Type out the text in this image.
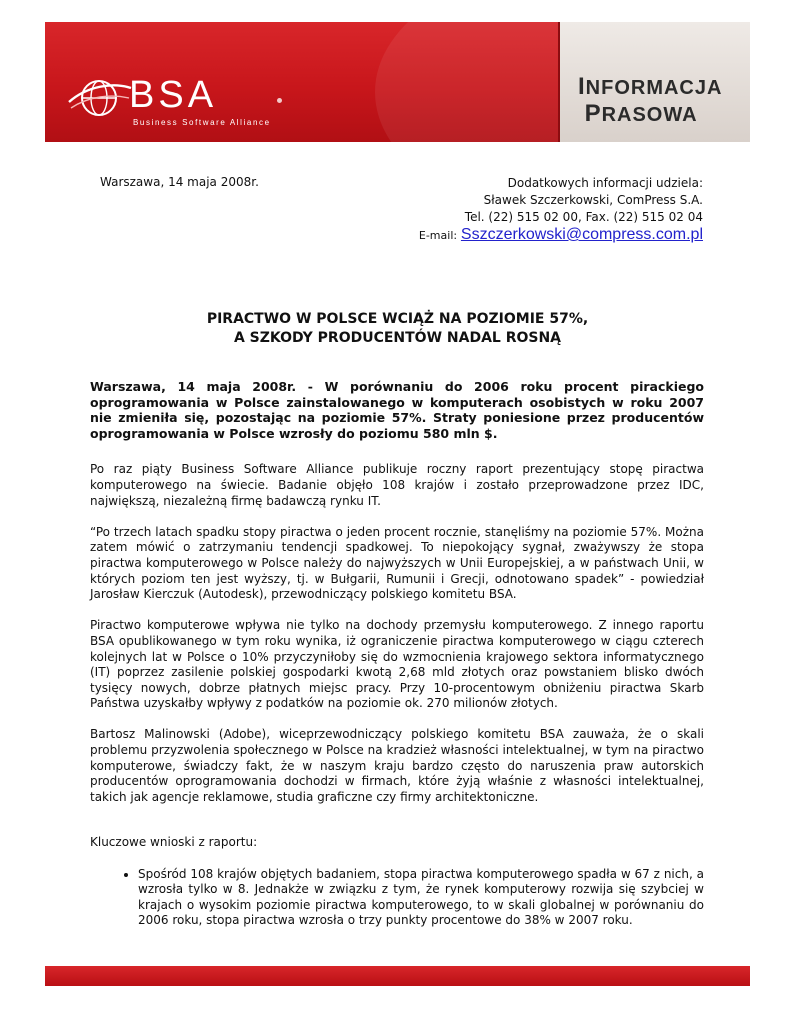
BSA
Business Software Alliance
INFORMACJA
PRASOWA
Warszawa, 14 maja 2008r.	Dodatkowych informacji udziela:
Sławek Szczerkowski, ComPress S.A.
Tel. (22) 515 02 00, Fax. (22) 515 02 04
E-mail: Sszczerkowski@compress.com.pl
PIRACTWO W POLSCE WCIĄŻ NA POZIOMIE 57%,
A SZKODY PRODUCENTÓW NADAL ROSNĄ

Warszawa, 14 maja 2008r. - W porównaniu do 2006 roku procent pirackiego oprogramowania w Polsce zainstalowanego w komputerach osobistych w roku 2007 nie zmieniła się, pozostając na poziomie 57%. Straty poniesione przez producentów oprogramowania w Polsce wzrosły do poziomu 580 mln $.

Po raz piąty Business Software Alliance publikuje roczny raport prezentujący stopę piractwa komputerowego na świecie. Badanie objęło 108 krajów i zostało przeprowadzone przez IDC, największą, niezależną firmę badawczą rynku IT.

“Po trzech latach spadku stopy piractwa o jeden procent rocznie, stanęliśmy na poziomie 57%. Można zatem mówić o zatrzymaniu tendencji spadkowej. To niepokojący sygnał, zważywszy że stopa piractwa komputerowego w Polsce należy do najwyższych w Unii Europejskiej, a w państwach Unii, w których poziom ten jest wyższy, tj. w Bułgarii, Rumunii i Grecji, odnotowano spadek” - powiedział Jarosław Kierczuk (Autodesk), przewodniczący polskiego komitetu BSA.

Piractwo komputerowe wpływa nie tylko na dochody przemysłu komputerowego. Z innego raportu BSA opublikowanego w tym roku wynika, iż ograniczenie piractwa komputerowego w ciągu czterech kolejnych lat w Polsce o 10% przyczyniłoby się do wzmocnienia krajowego sektora informatycznego (IT) poprzez zasilenie polskiej gospodarki kwotą 2,68 mld złotych oraz powstaniem blisko dwóch tysięcy nowych, dobrze płatnych miejsc pracy. Przy 10-procentowym obniżeniu piractwa Skarb Państwa uzyskałby wpływy z podatków na poziomie ok. 270 milionów złotych.

Bartosz Malinowski (Adobe), wiceprzewodniczący polskiego komitetu BSA zauważa, że o skali problemu przyzwolenia społecznego w Polsce na kradzież własności intelektualnej, w tym na piractwo komputerowe, świadczy fakt, że w naszym kraju bardzo często do naruszenia praw autorskich producentów oprogramowania dochodzi w firmach, które żyją właśnie z własności intelektualnej, takich jak agencje reklamowe, studia graficzne czy firmy architektoniczne.

Kluczowe wnioski z raportu:

• Spośród 108 krajów objętych badaniem, stopa piractwa komputerowego spadła w 67 z nich, a wzrosła tylko w 8. Jednakże w związku z tym, że rynek komputerowy rozwija się szybciej w krajach o wysokim poziomie piractwa komputerowego, to w skali globalnej w porównaniu do 2006 roku, stopa piractwa wzrosła o trzy punkty procentowe do 38% w 2007 roku.
